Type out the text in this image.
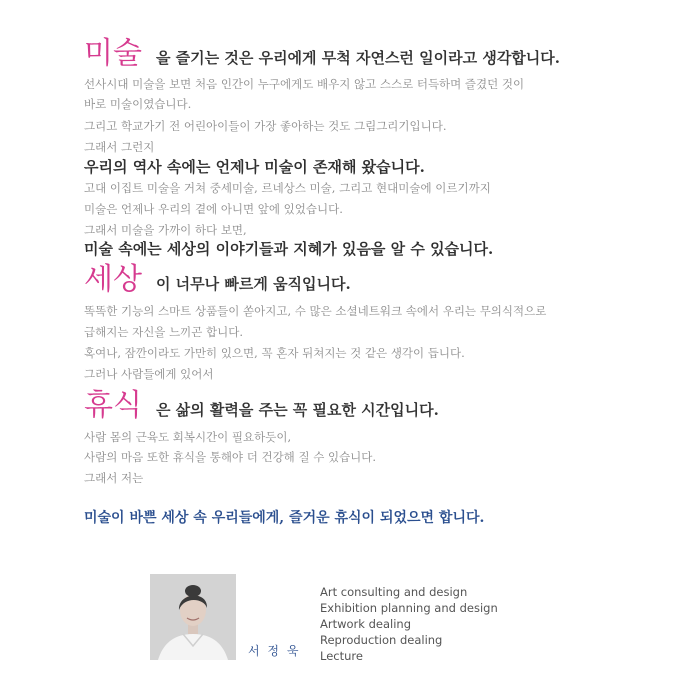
미술 을 즐기는 것은 우리에게 무척 자연스런 일이라고 생각합니다.
선사시대 미술을 보면 처음 인간이 누구에게도 배우지 않고 스스로 터득하며 즐겼던 것이
바로 미술이였습니다.
그리고 학교가기 전 어린아이들이 가장 좋아하는 것도 그림그리기입니다.
그래서 그런지
우리의 역사 속에는 언제나 미술이 존재해 왔습니다.
고대 이집트 미술을 거쳐 중세미술, 르네상스 미술, 그리고 현대미술에 이르기까지
미술은 언제나 우리의 곁에 아니면 앞에 있었습니다.
그래서 미술을 가까이 하다 보면,
미술 속에는 세상의 이야기들과 지혜가 있음을 알 수 있습니다.
세상 이 너무나 빠르게 움직입니다.
똑똑한 기능의 스마트 상품들이 쏟아지고, 수 많은 소셜네트워크 속에서 우리는 무의식적으로
급해지는 자신을 느끼곤 합니다.
혹여나, 잠깐이라도 가만히 있으면, 꼭 혼자 뒤쳐지는 것 같은 생각이 듭니다.
그러나 사람들에게 있어서
휴식 은 삶의 활력을 주는 꼭 필요한 시간입니다.
사람 몸의 근육도 회복시간이 필요하듯이,
사람의 마음 또한 휴식을 통해야 더 건강해 질 수 있습니다.
그래서 저는
미술이 바쁜 세상 속 우리들에게, 즐거운 휴식이 되었으면 합니다.
서 정 욱
Art consulting and design
Exhibition planning and design
Artwork dealing
Reproduction dealing
Lecture
